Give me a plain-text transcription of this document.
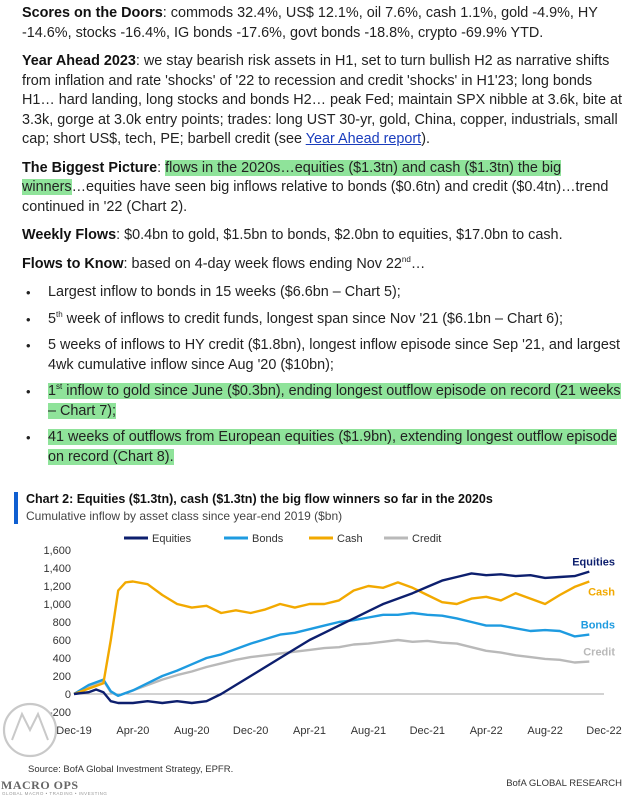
Scores on the Doors: commods 32.4%, US$ 12.1%, oil 7.6%, cash 1.1%, gold -4.9%, HY -14.6%, stocks -16.4%, IG bonds -17.6%, govt bonds -18.8%, crypto -69.9% YTD.

Year Ahead 2023: we stay bearish risk assets in H1, set to turn bullish H2 as narrative shifts from inflation and rate 'shocks' of '22 to recession and credit 'shocks' in H1'23; long bonds H1… hard landing, long stocks and bonds H2… peak Fed; maintain SPX nibble at 3.6k, bite at 3.3k, gorge at 3.0k entry points; trades: long UST 30-yr, gold, China, copper, industrials, small cap; short US$, tech, PE; barbell credit (see Year Ahead report).

The Biggest Picture: flows in the 2020s…equities ($1.3tn) and cash ($1.3tn) the big winners…equities have seen big inflows relative to bonds ($0.6tn) and credit ($0.4tn)…trend continued in '22 (Chart 2).

Weekly Flows: $0.4bn to gold, $1.5bn to bonds, $2.0bn to equities, $17.0bn to cash.

Flows to Know: based on 4-day week flows ending Nov 22nd…

• Largest inflow to bonds in 15 weeks ($6.6bn – Chart 5);
• 5th week of inflows to credit funds, longest span since Nov '21 ($6.1bn – Chart 6);
• 5 weeks of inflows to HY credit ($1.8bn), longest inflow episode since Sep '21, and largest 4wk cumulative inflow since Aug '20 ($10bn);
• 1st inflow to gold since June ($0.3bn), ending longest outflow episode on record (21 weeks – Chart 7);
• 41 weeks of outflows from European equities ($1.9bn), extending longest outflow episode on record (Chart 8).
Chart 2: Equities ($1.3tn), cash ($1.3tn) the big flow winners so far in the 2020s
Cumulative inflow by asset class since year-end 2019 ($bn)
-200
0
200
400
600
800
1,000
1,200
1,400
1,600
Dec-19 Apr-20 Aug-20 Dec-20 Apr-21 Aug-21 Dec-21 Apr-22 Aug-22 Dec-22
Equities	Bonds	Cash	Credit
Equities
Bonds
Cash
Credit
Source: BofA Global Investment Strategy, EPFR.
BofA GLOBAL RESEARCH
MACRO OPS
GLOBAL MACRO • TRADING • INVESTING
